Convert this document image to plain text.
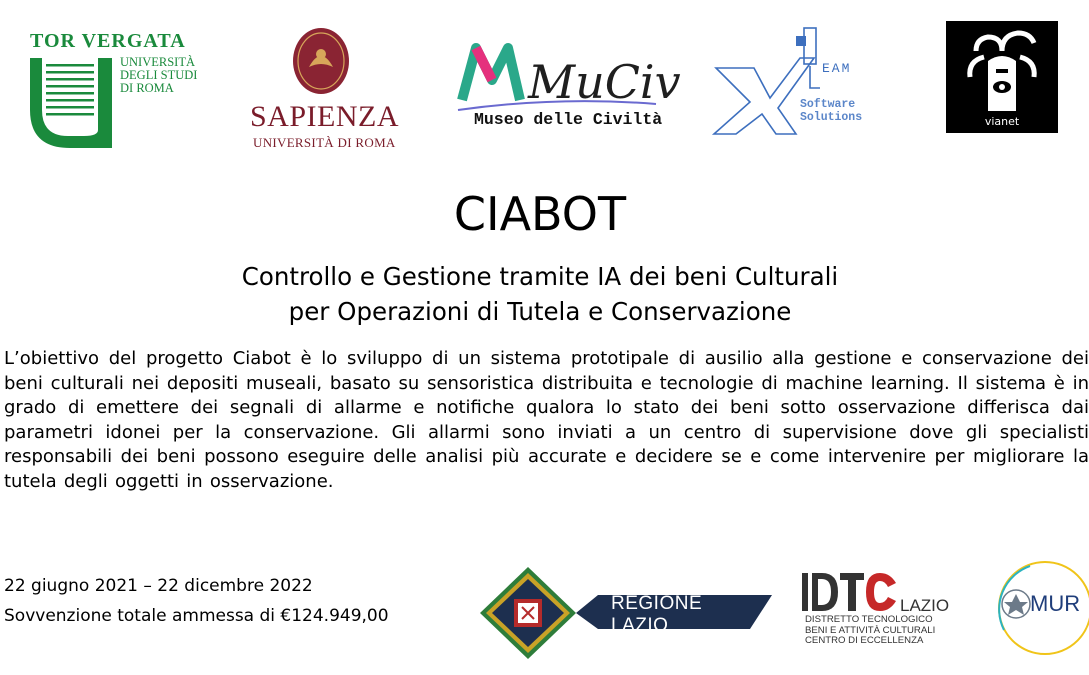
TOR VERGATA
UNIVERSITÀ
DEGLI STUDI
DI ROMA
SAPIENZA
UNIVERSITÀ DI ROMA
MuCiv
Museo delle Civiltà
EAM
Software
Solutions	vianet
CIABOT
Controllo e Gestione tramite IA dei beni Culturali
per Operazioni di Tutela e Conservazione
L’obiettivo del progetto Ciabot è lo sviluppo di un sistema prototipale di ausilio alla gestione e conservazione dei beni culturali nei depositi museali, basato su sensoristica distribuita e tecnologie di machine learning. Il sistema è in grado di emettere dei segnali di allarme e notifiche qualora lo stato dei beni sotto osservazione differisca dai parametri idonei per la conservazione. Gli allarmi sono inviati a un centro di supervisione dove gli specialisti responsabili dei beni possono eseguire delle analisi più accurate e decidere se e come intervenire per migliorare la tutela degli oggetti in osservazione.
22 giugno 2021 – 22 dicembre 2022
Sovvenzione totale ammessa di €124.949,00
REGIONE
LAZIO
LAZIO
DISTRETTO TECNOLOGICO
BENI E ATTIVITÀ CULTURALI
CENTRO DI ECCELLENZA
MUR
